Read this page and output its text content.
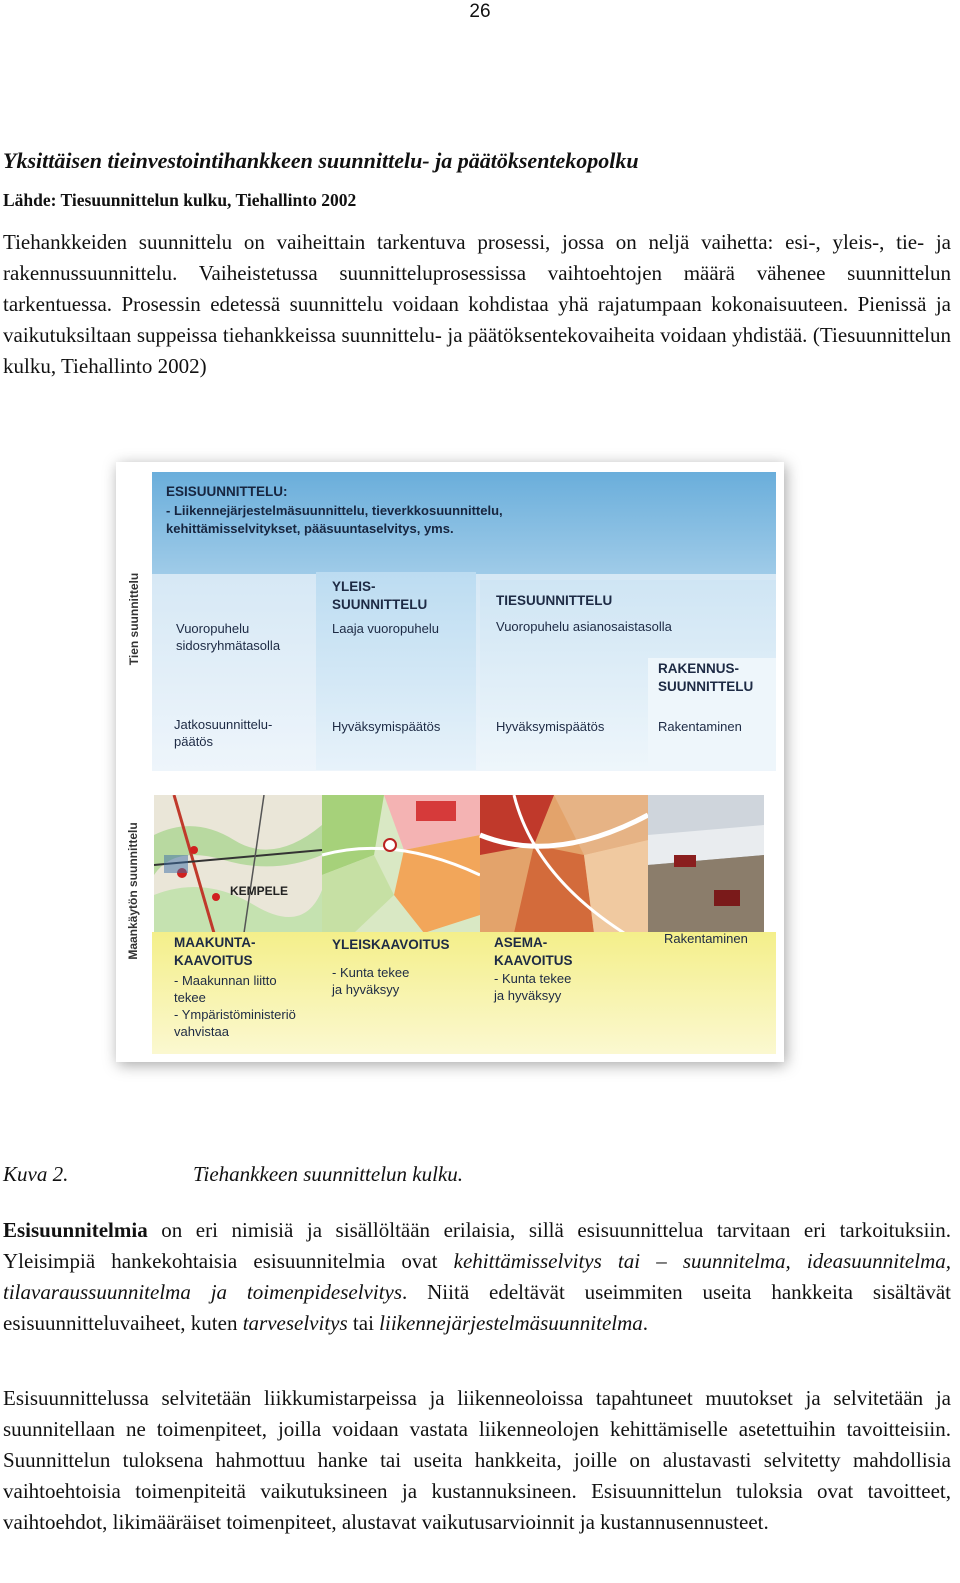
26
Yksittäisen tieinvestointihankkeen suunnittelu- ja päätöksentekopolku
Lähde: Tiesuunnittelun kulku, Tiehallinto 2002

Tiehankkeiden suunnittelu on vaiheittain tarkentuva prosessi, jossa on neljä vaihetta: esi-, yleis-, tie- ja rakennussuunnittelu. Vaiheistetussa suunnitteluprosessissa vaihtoehtojen määrä vähenee suunnittelun tarkentuessa. Prosessin edetessä suunnittelu voidaan kohdistaa yhä rajatumpaan kokonaisuuteen. Pienissä ja vaikutuksiltaan suppeissa tiehankkeissa suunnittelu- ja päätöksentekovaiheita voidaan yhdistää. (Tiesuunnittelun kulku, Tiehallinto 2002)

Tien suunnittelu
Maankäytön suunnittelu
ESISUUNNITTELU:
- Liikennejärjestelmäsuunnittelu, tieverkkosuunnittelu,
kehittämisselvitykset, pääsuuntaselvitys, yms.
Vuoropuhelu
sidosryhmätasolla
Jatkosuunnittelu-
päätös
YLEIS-
SUUNNITTELU
Laaja vuoropuhelu
Hyväksymispäätös
TIESUUNNITTELU
Vuoropuhelu asianosaistasolla
Hyväksymispäätös
RAKENNUS-
SUUNNITTELU
Rakentaminen
KEMPELE
MAAKUNTA-
KAAVOITUS
- Maakunnan liitto
tekee
- Ympäristöministeriö
vahvistaa
YLEISKAAVOITUS
- Kunta tekee
ja hyväksyy
ASEMA-
KAAVOITUS
- Kunta tekee
ja hyväksyy
Rakentaminen
Kuva 2.	Tiehankkeen suunnittelun kulku.

Esisuunnitelmia on eri nimisiä ja sisällöltään erilaisia, sillä esisuunnittelua tarvitaan eri tarkoituksiin. Yleisimpiä hankekohtaisia esisuunnitelmia ovat kehittämisselvitys tai – suunnitelma, ideasuunnitelma, tilavaraussuunnitelma ja toimenpideselvitys. Niitä edeltävät useimmiten useita hankkeita sisältävät esisuunnitteluvaiheet, kuten tarveselvitys tai liikennejärjestelmäsuunnitelma.

Esisuunnittelussa selvitetään liikkumistarpeissa ja liikenneoloissa tapahtuneet muutokset ja selvitetään ja suunnitellaan ne toimenpiteet, joilla voidaan vastata liikenneolojen kehittämiselle asetettuihin tavoitteisiin. Suunnittelun tuloksena hahmottuu hanke tai useita hankkeita, joille on alustavasti selvitetty mahdollisia vaihtoehtoisia toimenpiteitä vaikutuksineen ja kustannuksineen. Esisuunnittelun tuloksia ovat tavoitteet, vaihtoehdot, likimääräiset toimenpiteet, alustavat vaikutusarvioinnit ja kustannusennusteet.
